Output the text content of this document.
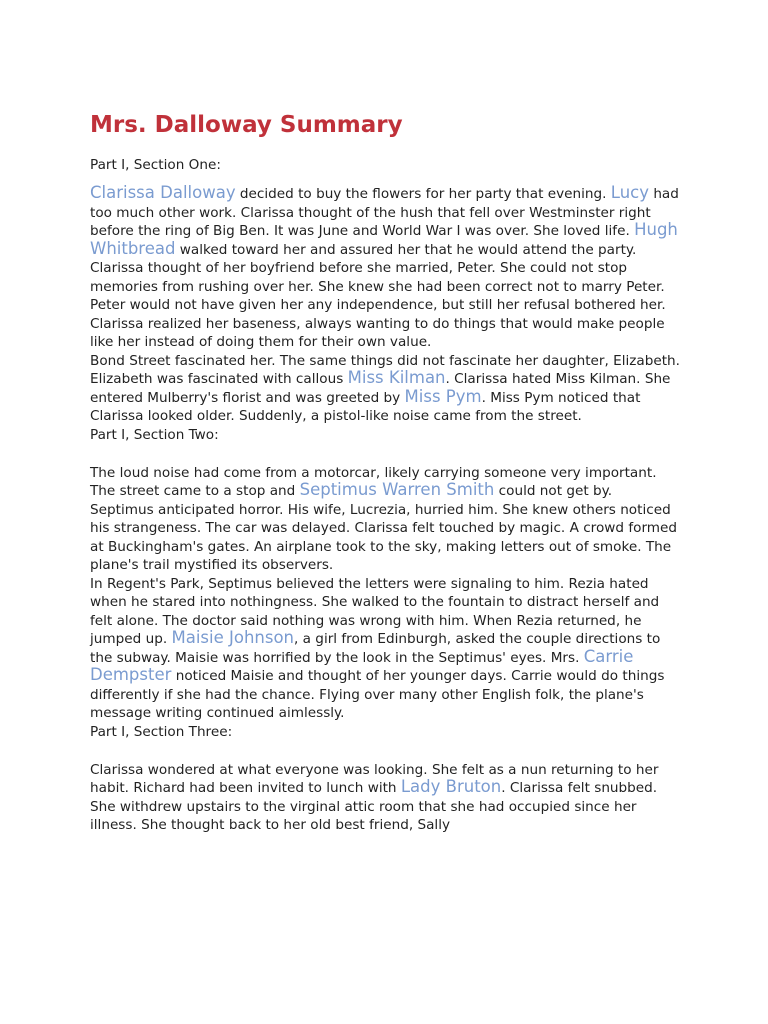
Mrs. Dalloway Summary

Part I, Section One:

Clarissa Dalloway decided to buy the flowers for her party that evening. Lucy had too much other work. Clarissa thought of the hush that fell over Westminster right before the ring of Big Ben. It was June and World War I was over. She loved life. Hugh Whitbread walked toward her and assured her that he would attend the party. Clarissa thought of her boyfriend before she married, Peter. She could not stop memories from rushing over her. She knew she had been correct not to marry Peter. Peter would not have given her any independence, but still her refusal bothered her. Clarissa realized her baseness, always wanting to do things that would make people like her instead of doing them for their own value.

Bond Street fascinated her. The same things did not fascinate her daughter, Elizabeth. Elizabeth was fascinated with callous Miss Kilman. Clarissa hated Miss Kilman. She entered Mulberry's florist and was greeted by Miss Pym. Miss Pym noticed that Clarissa looked older. Suddenly, a pistol-like noise came from the street.

Part I, Section Two:

The loud noise had come from a motorcar, likely carrying someone very important. The street came to a stop and Septimus Warren Smith could not get by. Septimus anticipated horror. His wife, Lucrezia, hurried him. She knew others noticed his strangeness. The car was delayed. Clarissa felt touched by magic. A crowd formed at Buckingham's gates. An airplane took to the sky, making letters out of smoke. The plane's trail mystified its observers.

In Regent's Park, Septimus believed the letters were signaling to him. Rezia hated when he stared into nothingness. She walked to the fountain to distract herself and felt alone. The doctor said nothing was wrong with him. When Rezia returned, he jumped up. Maisie Johnson, a girl from Edinburgh, asked the couple directions to the subway. Maisie was horrified by the look in the Septimus' eyes. Mrs. Carrie Dempster noticed Maisie and thought of her younger days. Carrie would do things differently if she had the chance. Flying over many other English folk, the plane's message writing continued aimlessly.

Part I, Section Three:

Clarissa wondered at what everyone was looking. She felt as a nun returning to her habit. Richard had been invited to lunch with Lady Bruton. Clarissa felt snubbed. She withdrew upstairs to the virginal attic room that she had occupied since her illness. She thought back to her old best friend, Sally
